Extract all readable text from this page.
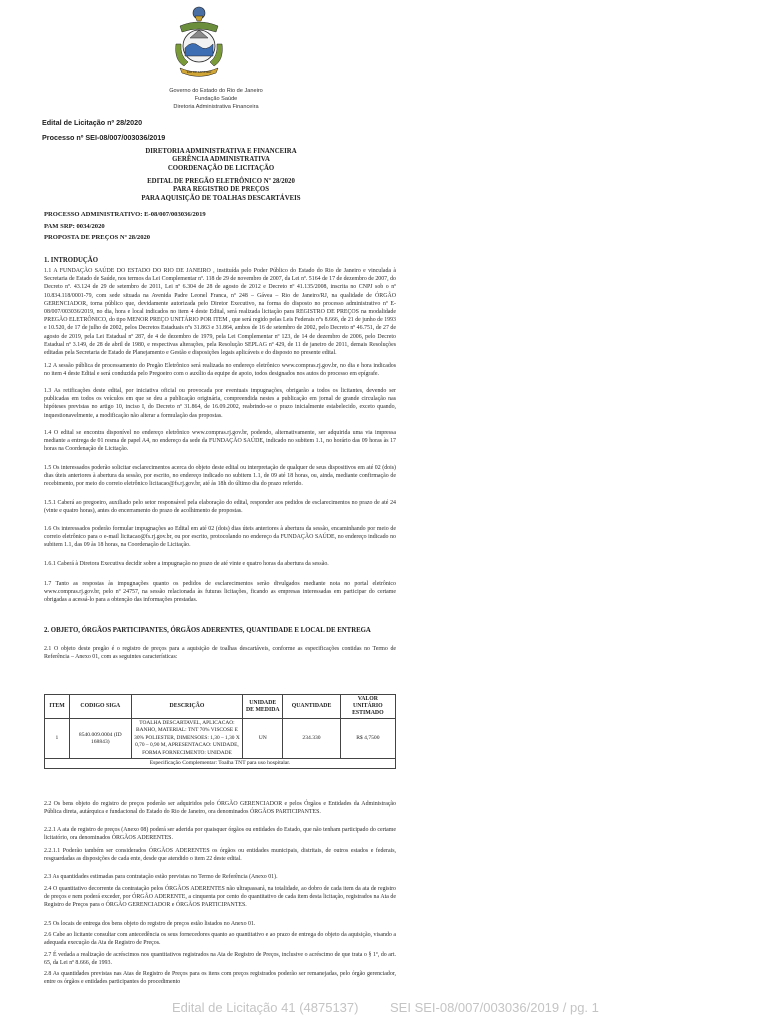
RIO DE JANEIRO
Governo do Estado do Rio de Janeiro
Fundação Saúde
Diretoria Administrativa Financeira
Edital de Licitação nº 28/2020
Processo nº SEI-08/007/003036/2019
DIRETORIA ADMINISTRATIVA E FINANCEIRA
GERÊNCIA ADMINISTRATIVA
COORDENAÇÃO DE LICITAÇÃO
EDITAL DE PREGÃO ELETRÔNICO Nº 28/2020
PARA REGISTRO DE PREÇOS
PARA AQUISIÇÃO DE TOALHAS DESCARTÁVEIS
PROCESSO ADMINISTRATIVO: E-08/007/003036/2019
PAM SRP: 0034/2020
PROPOSTA DE PREÇOS Nº 28/2020
1. INTRODUÇÃO
1.1 A FUNDAÇÃO SAÚDE DO ESTADO DO RIO DE JANEIRO , instituída pelo Poder Público do Estado do Rio de Janeiro e vinculada à Secretaria de Estado de Saúde, nos termos da Lei Complementar nº. 118 de 29 de novembro de 2007, da Lei nº. 5164 de 17 de dezembro de 2007, do Decreto nº. 43.124 de 29 de setembro de 2011, Lei nº 6.304 de 28 de agosto de 2012 e Decreto nº 41.135/2008, inscrita no CNPJ sob o nº 10.834.118/0001-79, com sede situada na Avenida Padre Leonel Franca, nº 248 – Gávea – Rio de Janeiro/RJ, na qualidade de ÓRGÃO GERENCIADOR, torna público que, devidamente autorizada pelo Diretor Executivo, na forma do disposto no processo administrativo nº E-08/007/003036/2019, no dia, hora e local indicados no item 4 deste Edital, será realizada licitação para REGISTRO DE PREÇOS na modalidade PREGÃO ELETRÔNICO, do tipo MENOR PREÇO UNITÁRIO POR ITEM , que será regido pelas Leis Federais nºs 8.666, de 21 de junho de 1993 e 10.520, de 17 de julho de 2002, pelos Decretos Estaduais nºs 31.863 e 31.864, ambos de 16 de setembro de 2002, pelo Decreto nº 46.751, de 27 de agosto de 2019, pela Lei Estadual nº 287, de 4 de dezembro de 1979, pela Lei Complementar nº 123, de 14 de dezembro de 2006, pelo Decreto Estadual nº 3.149, de 28 de abril de 1980, e respectivas alterações, pela Resolução SEPLAG nº 429, de 11 de janeiro de 2011, demais Resoluções editadas pela Secretaria de Estado de Planejamento e Gestão e disposições legais aplicáveis e do disposto no presente edital.
1.2 A sessão pública de processamento do Pregão Eletrônico será realizada no endereço eletrônico www.compras.rj.gov.br, no dia e hora indicados no item 4 deste Edital e será conduzida pelo Pregoeiro com o auxílio da equipe de apoio, todos designados nos autos do processo em epígrafe.
1.3 As retificações deste edital, por iniciativa oficial ou provocada por eventuais impugnações, obrigarão a todos os licitantes, devendo ser publicadas em todos os veículos em que se deu a publicação originária, compreendida nestes a publicação em jornal de grande circulação nas hipóteses previstas no artigo 10, inciso I, do Decreto nº 31.864, de 16.09.2002, reabrindo-se o prazo inicialmente estabelecido, exceto quando, inquestionavelmente, a modificação não alterar a formulação das propostas.
1.4 O edital se encontra disponível no endereço eletrônico www.compras.rj.gov.br, podendo, alternativamente, ser adquirida uma via impressa mediante a entrega de 01 resma de papel A4, no endereço da sede da FUNDAÇÃO SAÚDE, indicado no subitem 1.1, no horário das 09 horas às 17 horas na Coordenação de Licitação.
1.5 Os interessados poderão solicitar esclarecimentos acerca do objeto deste edital ou interpretação de qualquer de seus dispositivos em até 02 (dois) dias úteis anteriores à abertura da sessão, por escrito, no endereço indicado no subitem 1.1, de 09 até 18 horas, ou, ainda, mediante confirmação de recebimento, por meio do correio eletrônico licitacao@fs.rj.gov.br, até às 18h do último dia do prazo referido.
1.5.1 Caberá ao pregoeiro, auxiliado pelo setor responsável pela elaboração do edital, responder aos pedidos de esclarecimentos no prazo de até 24 (vinte e quatro horas), antes do encerramento do prazo de acolhimento de propostas.
1.6 Os interessados poderão formular impugnações ao Edital em até 02 (dois) dias úteis anteriores à abertura da sessão, encaminhando por meio de correio eletrônico para o e-mail licitacao@fs.rj.gov.br, ou por escrito, protocolando no endereço da FUNDAÇÃO SAÚDE, no endereço indicado no subitem 1.1, das 09 às 18 horas, na Coordenação de Licitação.
1.6.1 Caberá à Diretora Executiva decidir sobre a impugnação no prazo de até vinte e quatro horas da abertura da sessão.
1.7 Tanto as respostas às impugnações quanto os pedidos de esclarecimentos serão divulgados mediante nota no portal eletrônico www.compras.rj.gov.br, pelo nº 24757, na sessão relacionada às futuras licitações, ficando as empresas interessadas em participar do certame obrigadas a acessá-lo para a obtenção das informações prestadas.
2. OBJETO, ÓRGÃOS PARTICIPANTES, ÓRGÃOS ADERENTES, QUANTIDADE E LOCAL DE ENTREGA
2.1 O objeto deste pregão é o registro de preços para a aquisição de toalhas descartáveis, conforme as especificações contidas no Termo de Referência – Anexo 01, com as seguintes características:
ITEM	CODIGO SIGA	DESCRIÇÃO	UNIDADE DE MEDIDA	QUANTIDADE	VALOR UNITÁRIO ESTIMADO
1	8540.009.0004 (ID 168843)	TOALHA DESCARTAVEL, APLICACAO: BANHO, MATERIAL: TNT 70% VISCOSE E 30% POLIESTER, DIMENSOES: 1,30 – 1,30 X 0,70 – 0,90 M, APRESENTACAO: UNIDADE, FORMA FORNECIMENTO: UNIDADE	UN	234.330	R$ 4,7500
Especificação Complementar: Toalha TNT para uso hospitalar.					
2.2 Os bens objeto do registro de preços poderão ser adquiridos pelo ÓRGÃO GERENCIADOR e pelos Órgãos e Entidades da Administração Pública direta, autárquica e fundacional do Estado do Rio de Janeiro, ora denominados ÓRGÃOS PARTICIPANTES.
2.2.1 A ata de registro de preços (Anexo 08) poderá ser aderida por quaisquer órgãos ou entidades do Estado, que não tenham participado do certame licitatório, ora denominados ÓRGÃOS ADERENTES.
2.2.1.1 Poderão também ser considerados ÓRGÃOS ADERENTES os órgãos ou entidades municipais, distritais, de outros estados e federais, resguardadas as disposições de cada ente, desde que atendido o item 22 deste edital.
2.3 As quantidades estimadas para contratação estão previstas no Termo de Referência (Anexo 01).
2.4 O quantitativo decorrente da contratação pelos ÓRGÃOS ADERENTES não ultrapassará, na totalidade, ao dobro de cada item da ata de registro de preços e nem poderá exceder, por ÓRGÃO ADERENTE, a cinquenta por cento do quantitativo de cada item desta licitação, registrados na Ata de Registro de Preços para o ÓRGÃO GERENCIADOR e ÓRGÃOS PARTICIPANTES.
2.5 Os locais de entrega dos bens objeto do registro de preços estão listados no Anexo 01.
2.6 Cabe ao licitante consultar com antecedência os seus fornecedores quanto ao quantitativo e ao prazo de entrega do objeto da aquisição, visando a adequada execução da Ata de Registro de Preços.
2.7 É vedada a realização de acréscimos nos quantitativos registrados na Ata de Registro de Preços, inclusive o acréscimo de que trata o § 1º, do art. 65, da Lei nº 8.666, de 1993.
2.8 As quantidades previstas nas Atas de Registro de Preços para os itens com preços registrados poderão ser remanejadas, pelo órgão gerenciador, entre os órgãos e entidades participantes do procedimento
Edital de Licitação 41 (4875137) SEI SEI-08/007/003036/2019 / pg. 1
